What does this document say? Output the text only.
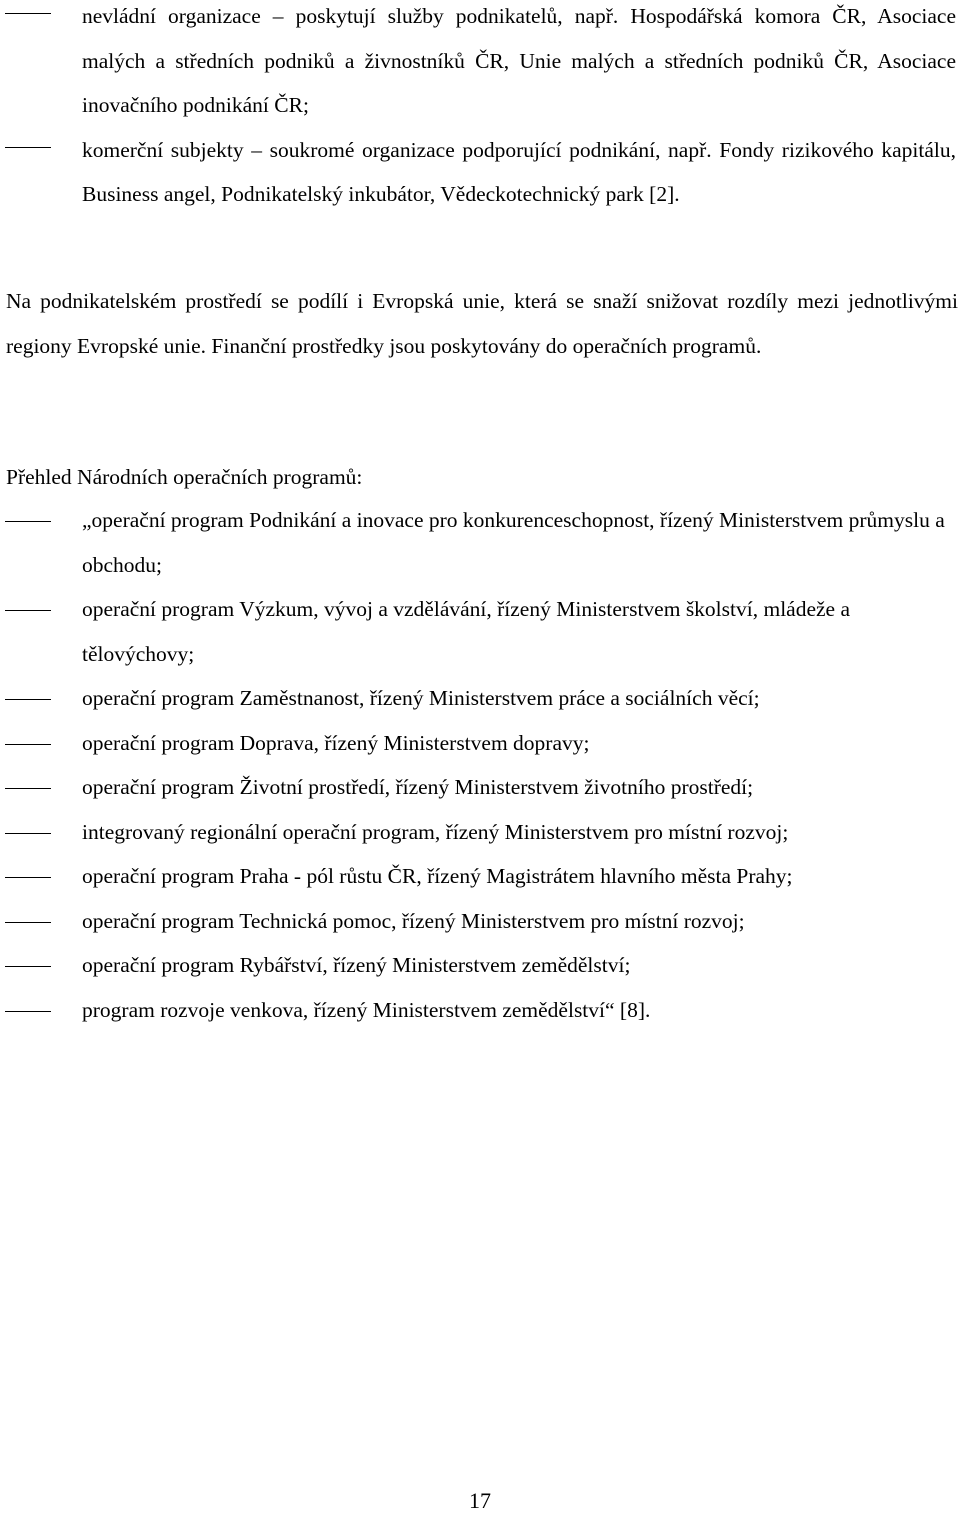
nevládní organizace – poskytují služby podnikatelů, např. Hospodářská komora ČR, Asociace malých a středních podniků a živnostníků ČR, Unie malých a středních podniků ČR, Asociace inovačního podnikání ČR;
komerční subjekty – soukromé organizace podporující podnikání, např. Fondy rizikového kapitálu, Business angel, Podnikatelský inkubátor, Vědeckotechnický park [2].

Na podnikatelském prostředí se podílí i Evropská unie, která se snaží snižovat rozdíly mezi jednotlivými regiony Evropské unie. Finanční prostředky jsou poskytovány do operačních programů.

Přehled Národních operačních programů:

„operační program Podnikání a inovace pro konkurenceschopnost, řízený Ministerstvem průmyslu a obchodu;
operační program Výzkum, vývoj a vzdělávání, řízený Ministerstvem školství, mládeže a tělovýchovy;
operační program Zaměstnanost, řízený Ministerstvem práce a sociálních věcí;
operační program Doprava, řízený Ministerstvem dopravy;
operační program Životní prostředí, řízený Ministerstvem životního prostředí;
integrovaný regionální operační program, řízený Ministerstvem pro místní rozvoj;
operační program Praha - pól růstu ČR, řízený Magistrátem hlavního města Prahy;
operační program Technická pomoc, řízený Ministerstvem pro místní rozvoj;
operační program Rybářství, řízený Ministerstvem zemědělství;
program rozvoje venkova, řízený Ministerstvem zemědělství“ [8].
17
